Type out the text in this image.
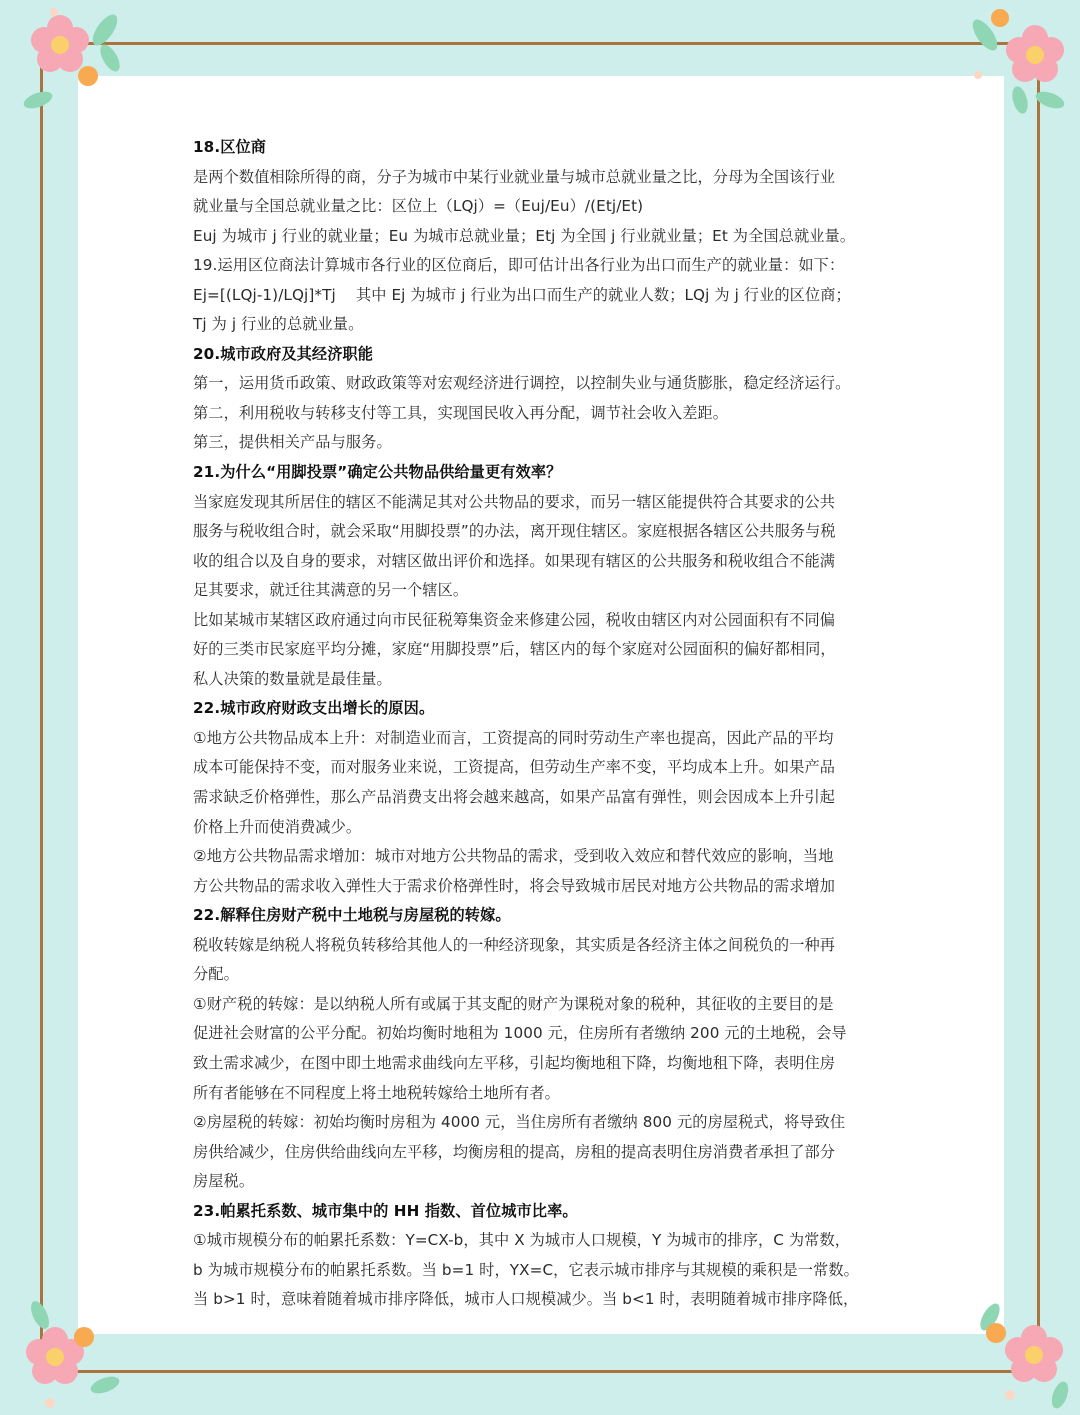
18.区位商

是两个数值相除所得的商，分子为城市中某行业就业量与城市总就业量之比，分母为全国该行业

就业量与全国总就业量之比：区位上（LQj）=（Euj/Eu）/(Etj/Et)

Euj 为城市 j 行业的就业量；Eu 为城市总就业量；Etj 为全国 j 行业就业量；Et 为全国总就业量。

19.运用区位商法计算城市各行业的区位商后，即可估计出各行业为出口而生产的就业量：如下：

Ej=[(LQj-1)/LQj]*Tj　 其中 Ej 为城市 j 行业为出口而生产的就业人数；LQj 为 j 行业的区位商；

Tj 为 j 行业的总就业量。

20.城市政府及其经济职能

第一，运用货币政策、财政政策等对宏观经济进行调控，以控制失业与通货膨胀，稳定经济运行。

第二，利用税收与转移支付等工具，实现国民收入再分配，调节社会收入差距。

第三，提供相关产品与服务。

21.为什么“用脚投票”确定公共物品供给量更有效率？

当家庭发现其所居住的辖区不能满足其对公共物品的要求，而另一辖区能提供符合其要求的公共

服务与税收组合时，就会采取“用脚投票”的办法，离开现住辖区。家庭根据各辖区公共服务与税

收的组合以及自身的要求，对辖区做出评价和选择。如果现有辖区的公共服务和税收组合不能满

足其要求，就迁往其满意的另一个辖区。

比如某城市某辖区政府通过向市民征税筹集资金来修建公园，税收由辖区内对公园面积有不同偏

好的三类市民家庭平均分摊，家庭“用脚投票”后，辖区内的每个家庭对公园面积的偏好都相同，

私人决策的数量就是最佳量。

22.城市政府财政支出增长的原因。

①地方公共物品成本上升：对制造业而言，工资提高的同时劳动生产率也提高，因此产品的平均

成本可能保持不变，而对服务业来说，工资提高，但劳动生产率不变，平均成本上升。如果产品

需求缺乏价格弹性，那么产品消费支出将会越来越高，如果产品富有弹性，则会因成本上升引起

价格上升而使消费减少。

②地方公共物品需求增加：城市对地方公共物品的需求，受到收入效应和替代效应的影响，当地

方公共物品的需求收入弹性大于需求价格弹性时，将会导致城市居民对地方公共物品的需求增加

22.解释住房财产税中土地税与房屋税的转嫁。

税收转嫁是纳税人将税负转移给其他人的一种经济现象，其实质是各经济主体之间税负的一种再

分配。

①财产税的转嫁：是以纳税人所有或属于其支配的财产为课税对象的税种，其征收的主要目的是

促进社会财富的公平分配。初始均衡时地租为 1000 元，住房所有者缴纳 200 元的土地税，会导

致土需求减少，在图中即土地需求曲线向左平移，引起均衡地租下降，均衡地租下降，表明住房

所有者能够在不同程度上将土地税转嫁给土地所有者。

②房屋税的转嫁：初始均衡时房租为 4000 元，当住房所有者缴纳 800 元的房屋税式，将导致住

房供给减少，住房供给曲线向左平移，均衡房租的提高，房租的提高表明住房消费者承担了部分

房屋税。

23.帕累托系数、城市集中的 HH 指数、首位城市比率。

①城市规模分布的帕累托系数：Y=CX-b，其中 X 为城市人口规模，Y 为城市的排序，C 为常数，

b 为城市规模分布的帕累托系数。当 b=1 时，YX=C，它表示城市排序与其规模的乘积是一常数。

当 b>1 时，意味着随着城市排序降低，城市人口规模减少。当 b<1 时，表明随着城市排序降低，
